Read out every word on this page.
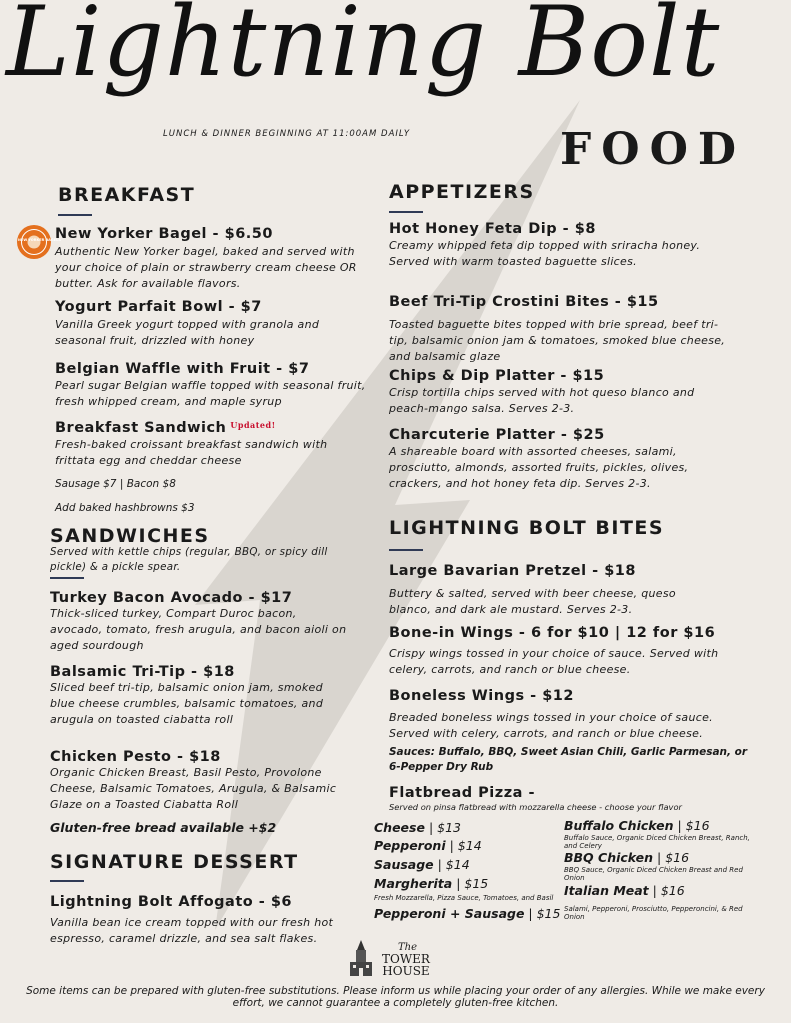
Lightning Bolt
LUNCH & DINNER BEGINNING AT 11:00AM DAILY	FOOD
BREAKFAST
NEW YORKER BAGELS
New Yorker Bagel - $6.50
Authentic New Yorker bagel, baked and served with your choice of plain or strawberry cream cheese OR butter. Ask for available flavors.
Yogurt Parfait Bowl - $7
Vanilla Greek yogurt topped with granola and seasonal fruit, drizzled with honey
Belgian Waffle with Fruit - $7
Pearl sugar Belgian waffle topped with seasonal fruit, fresh whipped cream, and maple syrup
Breakfast Sandwich $^{Updated!}$
Fresh-baked croissant breakfast sandwich with frittata egg and cheddar cheese
Sausage $7 | Bacon $8
Add baked hashbrowns $3
SANDWICHES
Served with kettle chips (regular, BBQ, or spicy dill pickle) & a pickle spear.
Turkey Bacon Avocado - $17
Thick-sliced turkey, Compart Duroc bacon, avocado, tomato, fresh arugula, and bacon aioli on aged sourdough
Balsamic Tri-Tip - $18
Sliced beef tri-tip, balsamic onion jam, smoked blue cheese crumbles, balsamic tomatoes, and arugula on toasted ciabatta roll
Chicken Pesto - $18
Organic Chicken Breast, Basil Pesto, Provolone Cheese, Balsamic Tomatoes, Arugula, & Balsamic Glaze on a Toasted Ciabatta Roll
Gluten-free bread available +$2
SIGNATURE DESSERT
Lightning Bolt Affogato - $6
Vanilla bean ice cream topped with our fresh hot espresso, caramel drizzle, and sea salt flakes.
APPETIZERS
Hot Honey Feta Dip - $8
Creamy whipped feta dip topped with sriracha honey. Served with warm toasted baguette slices.
Beef Tri-Tip Crostini Bites - $15
Toasted baguette bites topped with brie spread, beef tri-tip, balsamic onion jam & tomatoes, smoked blue cheese, and balsamic glaze
Chips & Dip Platter - $15
Crisp tortilla chips served with hot queso blanco and peach-mango salsa. Serves 2-3.
Charcuterie Platter - $25
A shareable board with assorted cheeses, salami, prosciutto, almonds, assorted fruits, pickles, olives, crackers, and hot honey feta dip. Serves 2-3.
LIGHTNING BOLT BITES
Large Bavarian Pretzel - $18
Buttery & salted, served with beer cheese, queso blanco, and dark ale mustard. Serves 2-3.
Bone-in Wings - 6 for $10 | 12 for $16
Crispy wings tossed in your choice of sauce. Served with celery, carrots, and ranch or blue cheese.
Boneless Wings - $12
Breaded boneless wings tossed in your choice of sauce. Served with celery, carrots, and ranch or blue cheese.
Sauces: Buffalo, BBQ, Sweet Asian Chili, Garlic Parmesan, or 6-Pepper Dry Rub
Flatbread Pizza -
Served on pinsa flatbread with mozzarella cheese - choose your flavor
Cheese | $13
Pepperoni | $14
Sausage | $14
Margherita | $15
Fresh Mozzarella, Pizza Sauce, Tomatoes, and Basil
Pepperoni + Sausage | $15
Buffalo Chicken | $16
Buffalo Sauce, Organic Diced Chicken Breast, Ranch, and Celery
BBQ Chicken | $16
BBQ Sauce, Organic Diced Chicken Breast and Red Onion
Italian Meat | $16
Salami, Pepperoni, Prosciutto, Pepperoncini, & Red Onion
The
TOWER
HOUSE
Some items can be prepared with gluten-free substitutions. Please inform us while placing your order of any allergies. While we make every effort, we cannot guarantee a completely gluten-free kitchen.
